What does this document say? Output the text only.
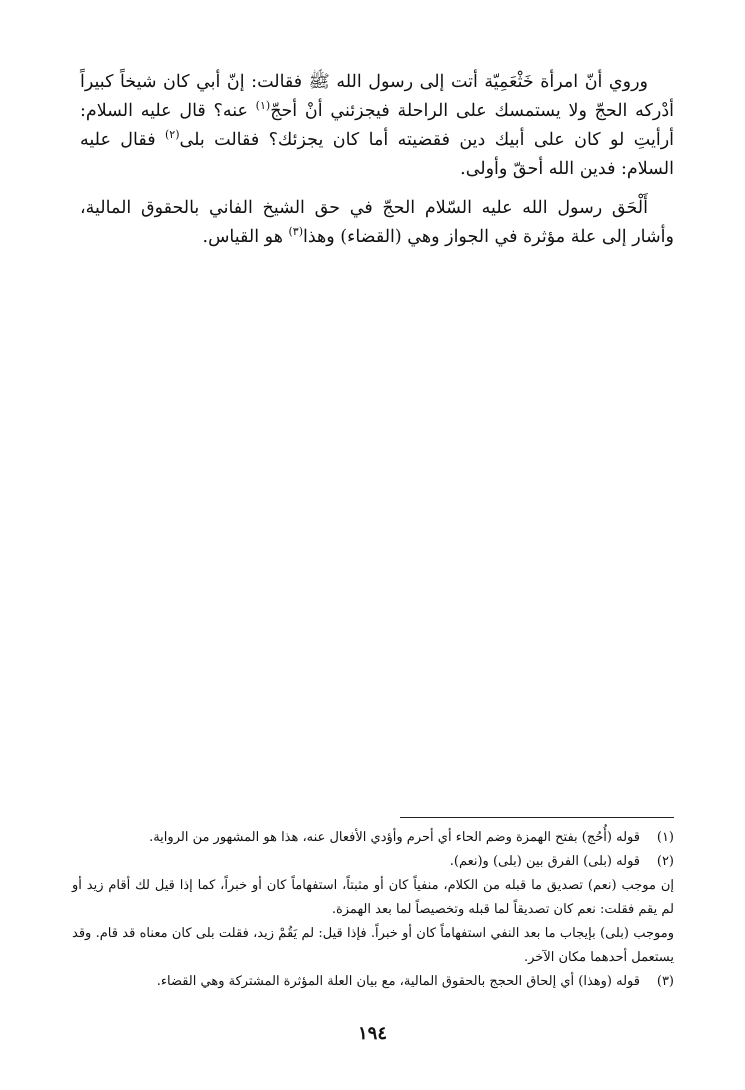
وروي أنّ امرأة خَثْعَمِيّة أتت إلى رسول الله ﷺ فقالت: إنّ أبي كان شيخاً كبيراً أدْركه الحجّ ولا يستمسك على الراحلة فيجزئني أنْ أحجّ$^{(١)}$ عنه؟ قال عليه السلام: أرأيتِ لو كان على أبيك دين فقضيته أما كان يجزئك؟ فقالت بلى$^{(٢)}$ فقال عليه السلام: فدين الله أحقّ وأولى.

أَلْحَق رسول الله عليه السّلام الحجّ في حق الشيخ الفاني بالحقوق المالية، وأشار إلى علة مؤثرة في الجواز وهي (القضاء) وهذا$^{(٣)}$ هو القياس.

(١)
قوله (أُحُج) بفتح الهمزة وضم الحاء أي أحرم وأؤدي الأفعال عنه، هذا هو المشهور من الرواية.
(٢)
قوله (بلى) الفرق بين (بلى) و(نعم).
إن موجب (نعم) تصديق ما قبله من الكلام، منفياً كان أو مثبتاً، استفهاماً كان أو خبراً، كما إذا قيل لك أقام زيد أو لم يقم فقلت: نعم كان تصديقاً لما قبله وتخصيصاً لما بعد الهمزة.
وموجب (بلى) بإيجاب ما بعد النفي استفهاماً كان أو خبراً. فإذا قيل: لم يَقُمْ زيد، فقلت بلى كان معناه قد قام. وقد يستعمل أحدهما مكان الآخر.
(٣)
قوله (وهذا) أي إلحاق الحجج بالحقوق المالية، مع بيان العلة المؤثرة المشتركة وهي القضاء.
١٩٤
